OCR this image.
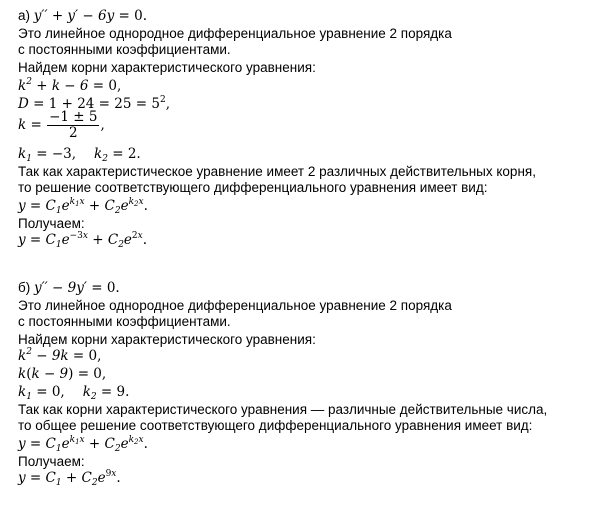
а) y′′ + y′ − 6y = 0.
Это линейное однородное дифференциальное уравнение 2 порядка
с постоянными коэффициентами.
Найдем корни характеристического уравнения:
$k^2 + k - 6 = 0$,
$D = 1 + 24 = 25 = 5^2$,
$k = \frac{-1 \pm 5}{2}$ ,
$k_1 = -3$, $k_2 = 2$.
Так как характеристическое уравнение имеет 2 различных действительных корня,
то решение соответствующего дифференциального уравнения имеет вид:
$y = C_1e^{k_1x} + C_2e^{k_2x}$.
Получаем:
$y = C_1e^{-3x} + C_2e^{2x}$.
б) y′′ − 9y′ = 0.
Это линейное однородное дифференциальное уравнение 2 порядка
с постоянными коэффициентами.
Найдем корни характеристического уравнения:
$k^2 - 9k = 0$,
k(k − 9) = 0,
$k_1 = 0$, $k_2 = 9$.
Так как корни характеристического уравнения — различные действительные числа,
то общее решение соответствующего дифференциального уравнения имеет вид:
$y = C_1e^{k_1x} + C_2e^{k_2x}$.
Получаем:
$y = C_1 + C_2e^{9x}$.
